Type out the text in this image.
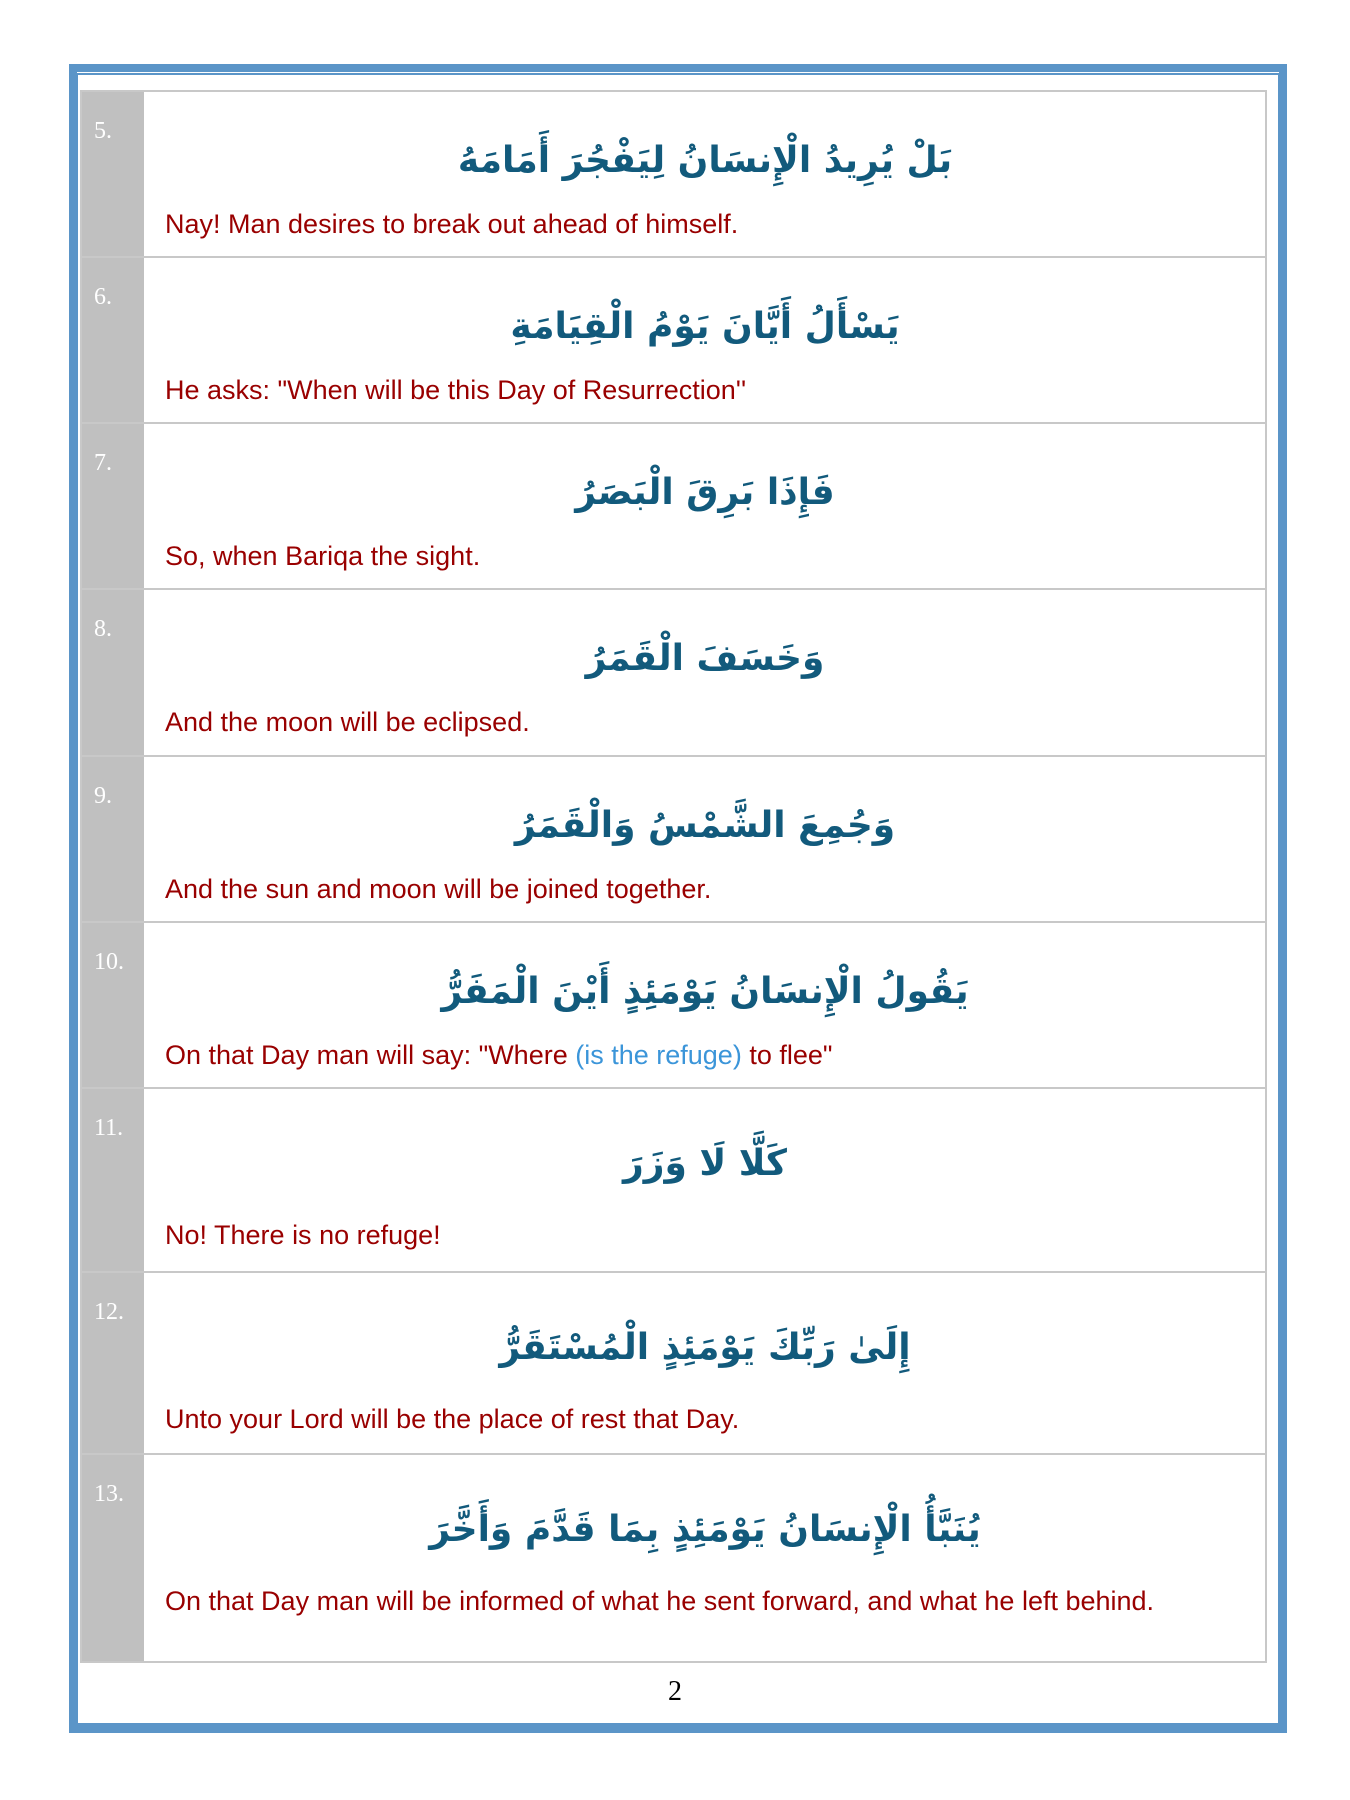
5.
بَلْ يُرِيدُ الْإِنسَانُ لِيَفْجُرَ أَمَامَهُ
Nay! Man desires to break out ahead of himself.
6.
يَسْأَلُ أَيَّانَ يَوْمُ الْقِيَامَةِ
He asks: "When will be this Day of Resurrection''
7.
فَإِذَا بَرِقَ الْبَصَرُ
So, when Bariqa the sight.
8.
وَخَسَفَ الْقَمَرُ
And the moon will be eclipsed.
9.
وَجُمِعَ الشَّمْسُ وَالْقَمَرُ
And the sun and moon will be joined together.
10.
يَقُولُ الْإِنسَانُ يَوْمَئِذٍ أَيْنَ الْمَفَرُّ
On that Day man will say: "Where (is the refuge) to flee"
11.
كَلَّا لَا وَزَرَ
No! There is no refuge!
12.
إِلَىٰ رَبِّكَ يَوْمَئِذٍ الْمُسْتَقَرُّ
Unto your Lord will be the place of rest that Day.
13.
يُنَبَّأُ الْإِنسَانُ يَوْمَئِذٍ بِمَا قَدَّمَ وَأَخَّرَ
On that Day man will be informed of what he sent forward, and what he left behind.
2
